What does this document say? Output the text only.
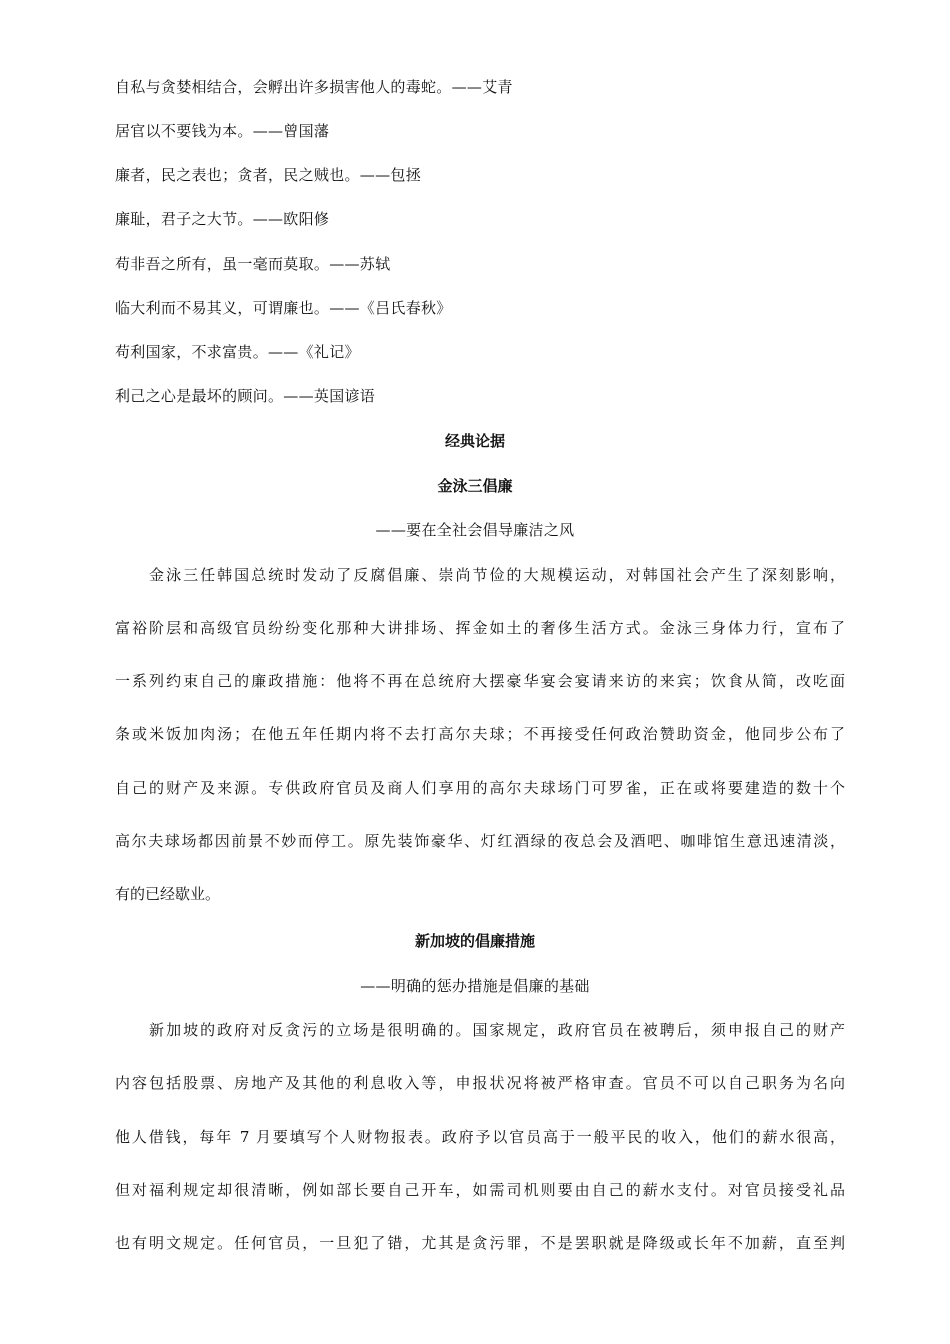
自私与贪婪相结合，会孵出许多损害他人的毒蛇。——艾青
居官以不要钱为本。——曾国藩
廉者，民之表也；贪者，民之贼也。——包拯
廉耻，君子之大节。——欧阳修
苟非吾之所有，虽一毫而莫取。——苏轼
临大利而不易其义，可谓廉也。——《吕氏春秋》
苟利国家，不求富贵。——《礼记》
利己之心是最坏的顾问。——英国谚语
经典论据
金泳三倡廉
——要在全社会倡导廉洁之风
　　金泳三任韩国总统时发动了反腐倡廉、崇尚节俭的大规模运动，对韩国社会产生了深刻影响，
富裕阶层和高级官员纷纷变化那种大讲排场、挥金如土的奢侈生活方式。金泳三身体力行，宣布了
一系列约束自己的廉政措施：他将不再在总统府大摆豪华宴会宴请来访的来宾；饮食从简，改吃面
条或米饭加肉汤；在他五年任期内将不去打高尔夫球；不再接受任何政治赞助资金，他同步公布了
自己的财产及来源。专供政府官员及商人们享用的高尔夫球场门可罗雀，正在或将要建造的数十个
高尔夫球场都因前景不妙而停工。原先装饰豪华、灯红酒绿的夜总会及酒吧、咖啡馆生意迅速清淡，
有的已经歇业。
新加坡的倡廉措施
——明确的惩办措施是倡廉的基础
　　新加坡的政府对反贪污的立场是很明确的。国家规定，政府官员在被聘后，须申报自己的财产
内容包括股票、房地产及其他的利息收入等，申报状况将被严格审查。官员不可以自己职务为名向
他人借钱，每年 7 月要填写个人财物报表。政府予以官员高于一般平民的收入，他们的薪水很高，
但对福利规定却很清晰，例如部长要自己开车，如需司机则要由自己的薪水支付。对官员接受礼品
也有明文规定。任何官员，一旦犯了错，尤其是贪污罪，不是罢职就是降级或长年不加薪，直至判
